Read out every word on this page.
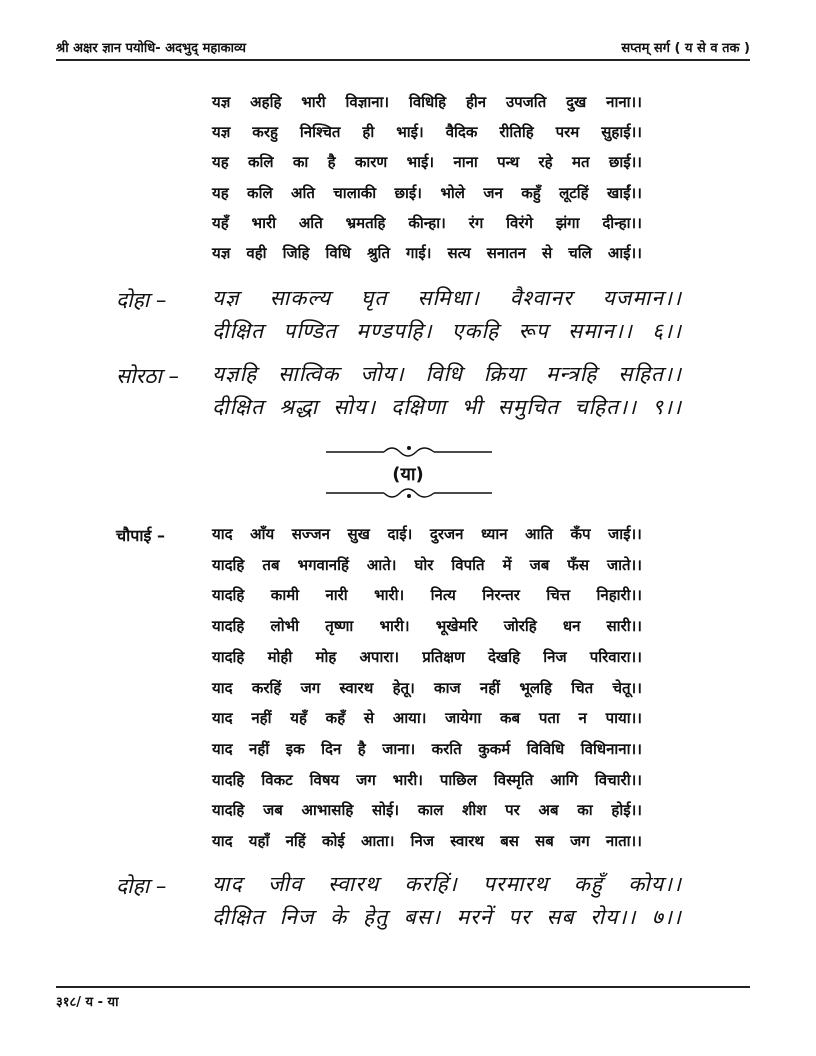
श्री अक्षर ज्ञान पयोधि- अदभुद् महाकाव्य	सप्तम् सर्ग ( य से व तक )
यज्ञ अहहि भारी विज्ञाना। विधिहि हीन उपजति दुख नाना।।
यज्ञ करहु निश्चित ही भाई। वैदिक रीतिहि परम सुहाई।।
यह कलि का है कारण भाई। नाना पन्थ रहे मत छाई।।
यह कलि अति चालाकी छाई। भोले जन कहुँ लूटहिं खाईं।।
यहँ भारी अति भ्रमतहि कीन्हा। रंग विरंगे झंगा दीन्हा।।
यज्ञ वही जिहि विधि श्रुति गाई। सत्य सनातन से चलि आई।।
दोहा – यज्ञ साकल्य घृत समिधा। वैश्वानर यजमान।।
दीक्षित पण्डित मण्डपहि। एकहि रूप समान।। ६।।
सोरठा – यज्ञहि सात्विक जोय। विधि क्रिया मन्त्रहि सहित।।
दीक्षित श्रद्धा सोय। दक्षिणा भी समुचित चहित।। ९।।
(या)
चौपाई –	याद आँय सज्जन सुख दाई। दुरजन ध्यान आति कँप जाई।।
यादहि तब भगवानहिं आते। घोर विपति में जब फँस जाते।।
यादहि कामी नारी भारी। नित्य निरन्तर चित्त निहारी।।
यादहि लोभी तृष्णा भारी। भूखेमरि जोरहि धन सारी।।
यादहि मोही मोह अपारा। प्रतिक्षण देखहि निज परिवारा।।
याद करहिं जग स्वारथ हेतू। काज नहीं भूलहि चित चेतू।।
याद नहीं यहँ कहँ से आया। जायेगा कब पता न पाया।।
याद नहीं इक दिन है जाना। करति कुकर्म विविधि विधिनाना।।
यादहि विकट विषय जग भारी। पाछिल विस्मृति आगि विचारी।।
यादहि जब आभासहि सोई। काल शीश पर अब का होई।।
याद यहाँ नहिं कोई आता। निज स्वारथ बस सब जग नाता।।
दोहा – याद जीव स्वारथ करहिं। परमारथ कहुँ कोय।।
दीक्षित निज के हेतु बस। मरनें पर सब रोय।। ७।।
३१८/ य - या
